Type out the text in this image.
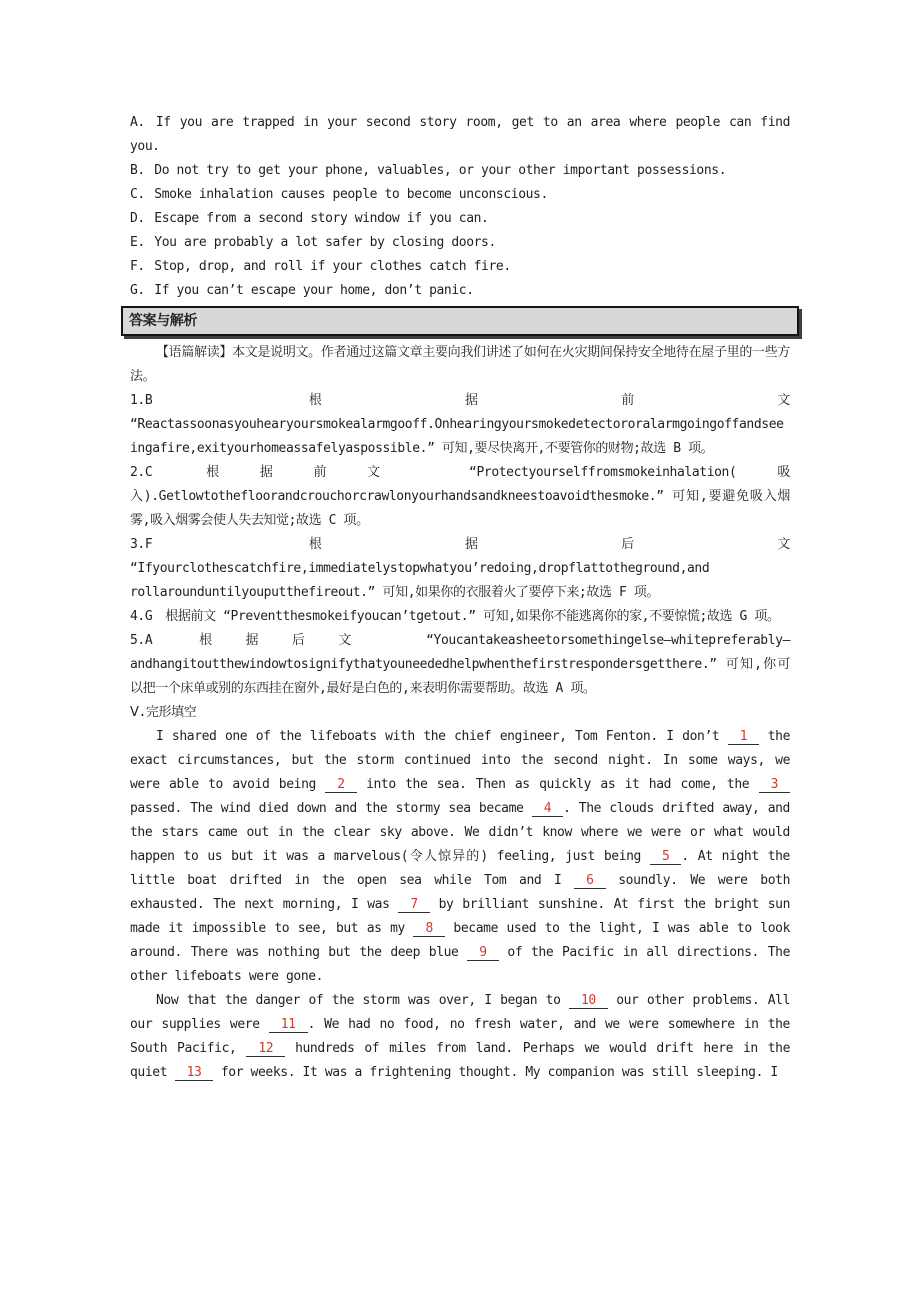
A. If you are trapped in your second story room, get to an area where people can find you.

B. Do not try to get your phone, valuables, or your other important possessions.

C. Smoke inhalation causes people to become unconscious.

D. Escape from a second story window if you can.

E. You are probably a lot safer by closing doors.

F. Stop, drop, and roll if your clothes catch fire.

G. If you can’t escape your home, don’t panic.

答案与解析

【语篇解读】本文是说明文。作者通过这篇文章主要向我们讲述了如何在火灾期间保持安全地待在屋子里的一些方法。

1.B 根据前文 “Reactassoonasyouhearyoursmokealarmgooff.Onhearingyoursmokedetectororalarmgoingoffandseeingafire,exityourhomeassafelyaspossible.” 可知,要尽快离开,不要管你的财物;故选 B 项。

2.C 根据前文 “Protectyourselffromsmokeinhalation(吸入).Getlowtothefloorandcrouchorcrawlonyourhandsandkneestoavoidthesmoke.” 可知,要避免吸入烟雾,吸入烟雾会使人失去知觉;故选 C 项。

3.F 根据后文 “Ifyourclothescatchfire,immediatelystopwhatyou’redoing,dropflattotheground,and rollarounduntilyouputthefireout.” 可知,如果你的衣服着火了要停下来;故选 F 项。

4.G 根据前文 “Preventthesmokeifyoucan’tgetout.” 可知,如果你不能逃离你的家,不要惊慌;故选 G 项。

5.A 根据后文 “Youcantakeasheetorsomethingelse—whitepreferably—andhangitoutthewindowtosignifythatyouneededhelpwhenthefirstrespondersgetthere.” 可知,你可以把一个床单或别的东西挂在窗外,最好是白色的,来表明你需要帮助。故选 A 项。

Ⅴ.完形填空

I shared one of the lifeboats with the chief engineer, Tom Fenton. I don’t 1 the exact circumstances, but the storm continued into the second night. In some ways, we were able to avoid being 2 into the sea. Then as quickly as it had come, the 3 passed. The wind died down and the stormy sea became 4 . The clouds drifted away, and the stars came out in the clear sky above. We didn’t know where we were or what would happen to us but it was a marvelous(令人惊异的) feeling, just being 5 . At night the little boat drifted in the open sea while Tom and I 6 soundly. We were both exhausted. The next morning, I was 7 by brilliant sunshine. At first the bright sun made it impossible to see, but as my 8 became used to the light, I was able to look around. There was nothing but the deep blue 9 of the Pacific in all directions. The other lifeboats were gone.

Now that the danger of the storm was over, I began to 10 our other problems. All our supplies were 11 . We had no food, no fresh water, and we were somewhere in the South Pacific, 12 hundreds of miles from land. Perhaps we would drift here in the quiet 13 for weeks. It was a frightening thought. My companion was still sleeping. I
